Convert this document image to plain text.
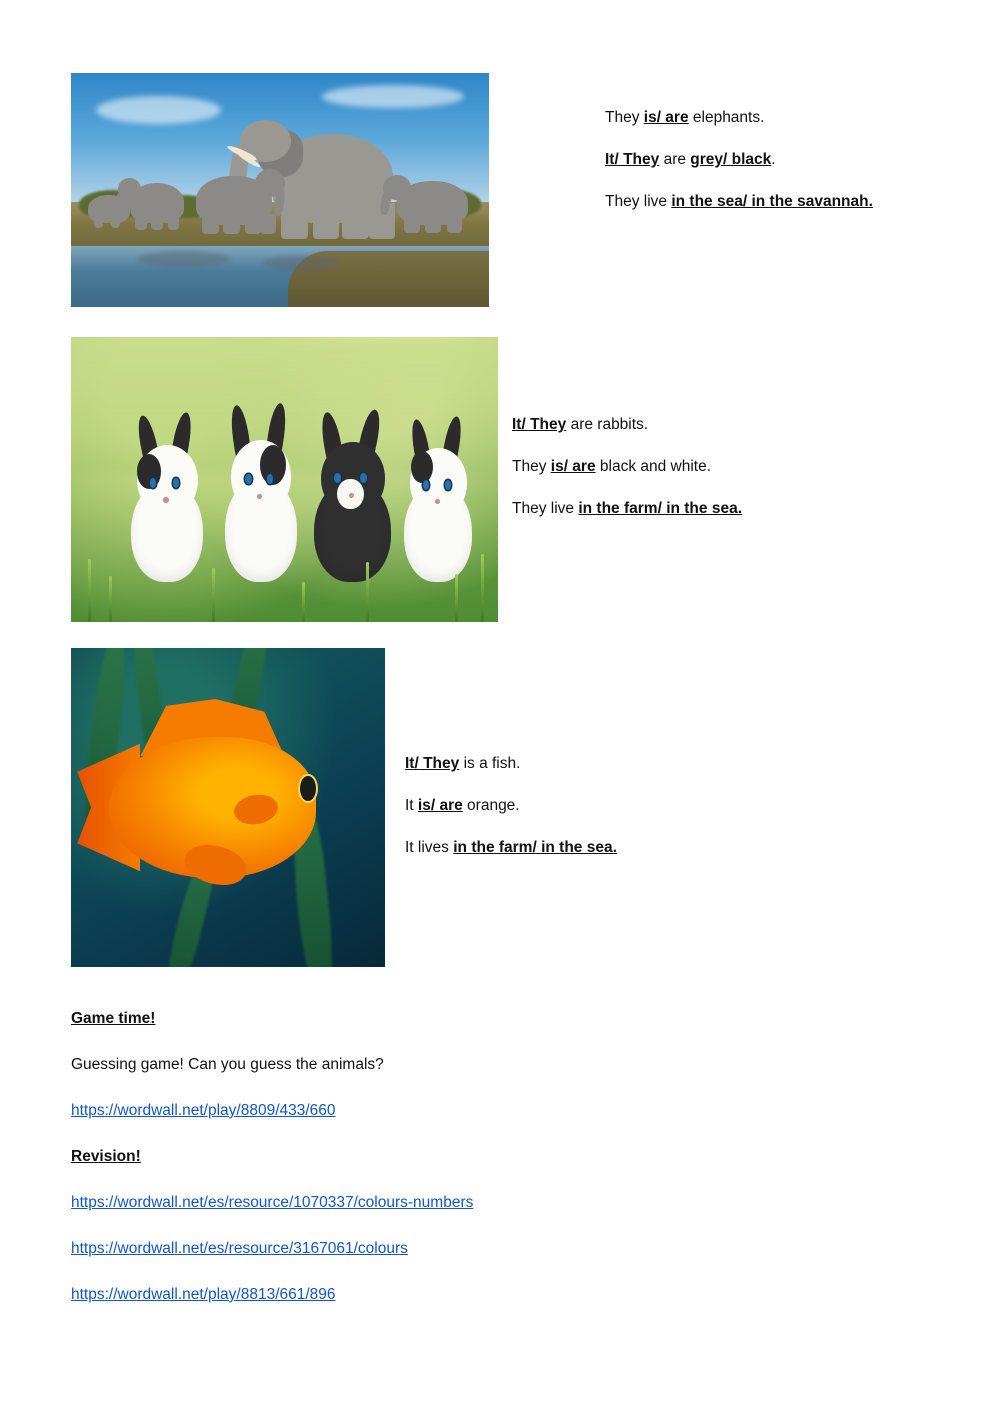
They is/ are elephants.
It/ They are grey/ black.
They live in the sea/ in the savannah.
It/ They are rabbits.
They is/ are black and white.
They live in the farm/ in the sea.
It/ They is a fish.
It is/ are orange.
It lives in the farm/ in the sea.
Game time!
Guessing game! Can you guess the animals?
https://wordwall.net/play/8809/433/660
Revision!
https://wordwall.net/es/resource/1070337/colours-numbers
https://wordwall.net/es/resource/3167061/colours
https://wordwall.net/play/8813/661/896
